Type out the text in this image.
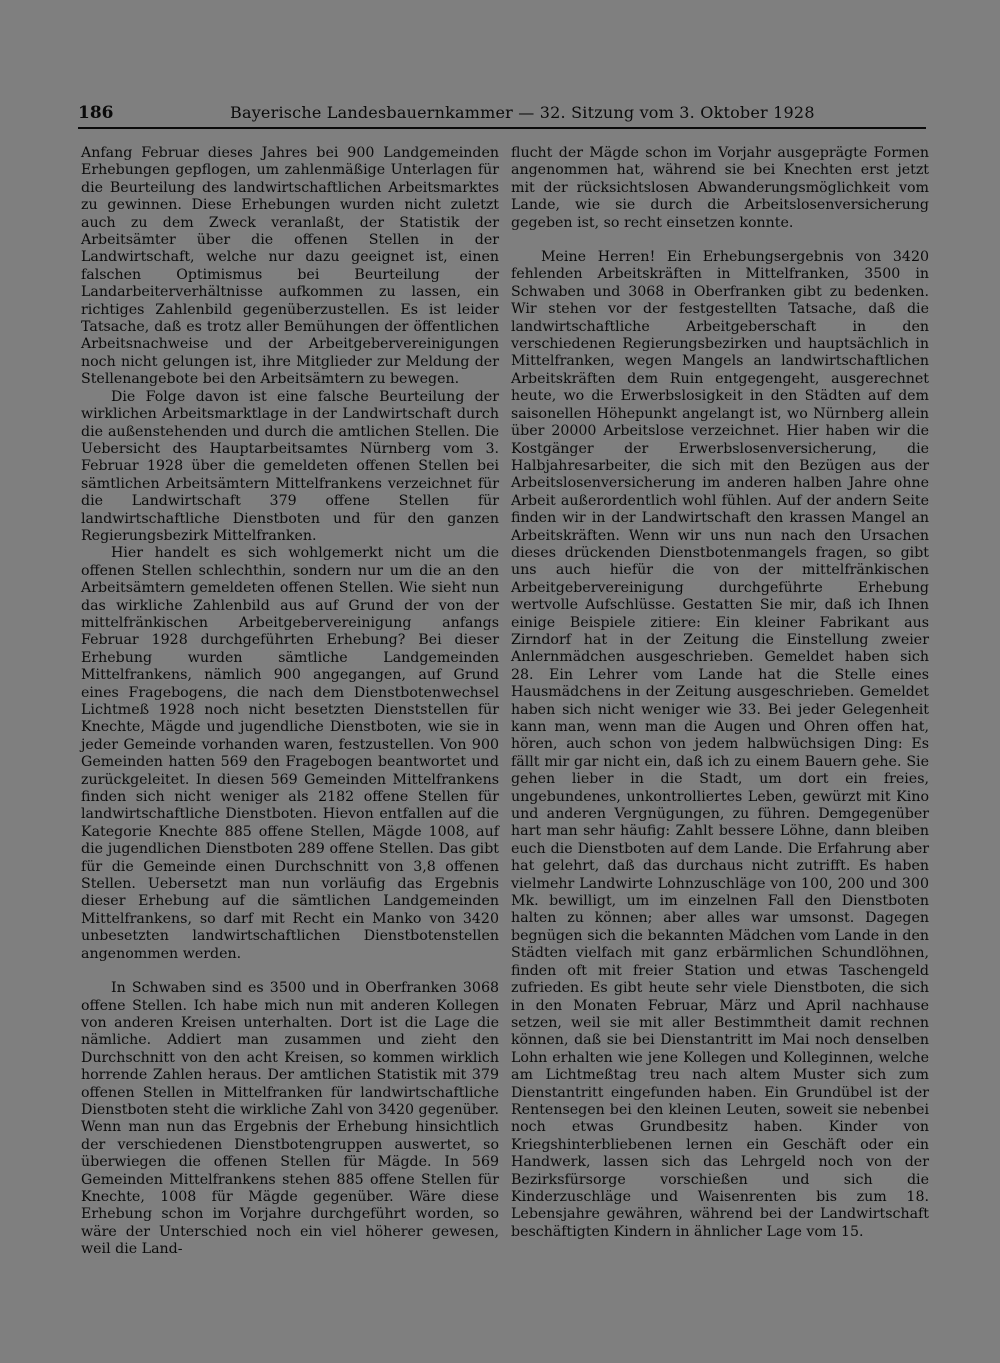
186	Bayerische Landesbauernkammer — 32. Sitzung vom 3. Oktober 1928

Anfang Februar dieses Jahres bei 900 Landgemeinden Erhebungen gepflogen, um zahlenmäßige Unterlagen für die Beurteilung des landwirtschaftlichen Arbeitsmarktes zu gewinnen. Diese Erhebungen wurden nicht zuletzt auch zu dem Zweck veranlaßt, der Statistik der Arbeitsämter über die offenen Stellen in der Landwirtschaft, welche nur dazu geeignet ist, einen falschen Optimismus bei Beurteilung der Landarbeiterverhältnisse aufkommen zu lassen, ein richtiges Zahlenbild gegenüberzustellen. Es ist leider Tatsache, daß es trotz aller Bemühungen der öffentlichen Arbeitsnachweise und der Arbeitgebervereinigungen noch nicht gelungen ist, ihre Mitglieder zur Meldung der Stellenangebote bei den Arbeitsämtern zu bewegen.

Die Folge davon ist eine falsche Beurteilung der wirklichen Arbeitsmarktlage in der Landwirtschaft durch die außenstehenden und durch die amtlichen Stellen. Die Uebersicht des Hauptarbeitsamtes Nürnberg vom 3. Februar 1928 über die gemeldeten offenen Stellen bei sämtlichen Arbeitsämtern Mittelfrankens verzeichnet für die Landwirtschaft 379 offene Stellen für landwirtschaftliche Dienstboten und für den ganzen Regierungsbezirk Mittelfranken.

Hier handelt es sich wohlgemerkt nicht um die offenen Stellen schlechthin, sondern nur um die an den Arbeitsämtern gemeldeten offenen Stellen. Wie sieht nun das wirkliche Zahlenbild aus auf Grund der von der mittelfränkischen Arbeitgebervereinigung anfangs Februar 1928 durchgeführten Erhebung? Bei dieser Erhebung wurden sämtliche Landgemeinden Mittelfrankens, nämlich 900 angegangen, auf Grund eines Fragebogens, die nach dem Dienstbotenwechsel Lichtmeß 1928 noch nicht besetzten Dienststellen für Knechte, Mägde und jugendliche Dienstboten, wie sie in jeder Gemeinde vorhanden waren, festzustellen. Von 900 Gemeinden hatten 569 den Fragebogen beantwortet und zurückgeleitet. In diesen 569 Gemeinden Mittelfrankens finden sich nicht weniger als 2182 offene Stellen für landwirtschaftliche Dienstboten. Hievon entfallen auf die Kategorie Knechte 885 offene Stellen, Mägde 1008, auf die jugendlichen Dienstboten 289 offene Stellen. Das gibt für die Gemeinde einen Durchschnitt von 3,8 offenen Stellen. Uebersetzt man nun vorläufig das Ergebnis dieser Erhebung auf die sämtlichen Landgemeinden Mittelfrankens, so darf mit Recht ein Manko von 3420 unbesetzten landwirtschaftlichen Dienstbotenstellen angenommen werden.

In Schwaben sind es 3500 und in Oberfranken 3068 offene Stellen. Ich habe mich nun mit anderen Kollegen von anderen Kreisen unterhalten. Dort ist die Lage die nämliche. Addiert man zusammen und zieht den Durchschnitt von den acht Kreisen, so kommen wirklich horrende Zahlen heraus. Der amtlichen Statistik mit 379 offenen Stellen in Mittelfranken für landwirtschaftliche Dienstboten steht die wirkliche Zahl von 3420 gegenüber. Wenn man nun das Ergebnis der Erhebung hinsichtlich der verschiedenen Dienstbotengruppen auswertet, so überwiegen die offenen Stellen für Mägde. In 569 Gemeinden Mittelfrankens stehen 885 offene Stellen für Knechte, 1008 für Mägde gegenüber. Wäre diese Erhebung schon im Vorjahre durchgeführt worden, so wäre der Unterschied noch ein viel höherer gewesen, weil die Land-

flucht der Mägde schon im Vorjahr ausgeprägte Formen angenommen hat, während sie bei Knechten erst jetzt mit der rücksichtslosen Abwanderungsmöglichkeit vom Lande, wie sie durch die Arbeitslosenversicherung gegeben ist, so recht einsetzen konnte.

Meine Herren! Ein Erhebungsergebnis von 3420 fehlenden Arbeitskräften in Mittelfranken, 3500 in Schwaben und 3068 in Oberfranken gibt zu bedenken. Wir stehen vor der festgestellten Tatsache, daß die landwirtschaftliche Arbeitgeberschaft in den verschiedenen Regierungsbezirken und hauptsächlich in Mittelfranken, wegen Mangels an landwirtschaftlichen Arbeitskräften dem Ruin entgegengeht, ausgerechnet heute, wo die Erwerbslosigkeit in den Städten auf dem saisonellen Höhepunkt angelangt ist, wo Nürnberg allein über 20000 Arbeitslose verzeichnet. Hier haben wir die Kostgänger der Erwerbslosenversicherung, die Halbjahresarbeiter, die sich mit den Bezügen aus der Arbeitslosenversicherung im anderen halben Jahre ohne Arbeit außerordentlich wohl fühlen. Auf der andern Seite finden wir in der Landwirtschaft den krassen Mangel an Arbeitskräften. Wenn wir uns nun nach den Ursachen dieses drückenden Dienstbotenmangels fragen, so gibt uns auch hiefür die von der mittelfränkischen Arbeitgebervereinigung durchgeführte Erhebung wertvolle Aufschlüsse. Gestatten Sie mir, daß ich Ihnen einige Beispiele zitiere: Ein kleiner Fabrikant aus Zirndorf hat in der Zeitung die Einstellung zweier Anlernmädchen ausgeschrieben. Gemeldet haben sich 28. Ein Lehrer vom Lande hat die Stelle eines Hausmädchens in der Zeitung ausgeschrieben. Gemeldet haben sich nicht weniger wie 33. Bei jeder Gelegenheit kann man, wenn man die Augen und Ohren offen hat, hören, auch schon von jedem halbwüchsigen Ding: Es fällt mir gar nicht ein, daß ich zu einem Bauern gehe. Sie gehen lieber in die Stadt, um dort ein freies, ungebundenes, unkontrolliertes Leben, gewürzt mit Kino und anderen Vergnügungen, zu führen. Demgegenüber hart man sehr häufig: Zahlt bessere Löhne, dann bleiben euch die Dienstboten auf dem Lande. Die Erfahrung aber hat gelehrt, daß das durchaus nicht zutrifft. Es haben vielmehr Landwirte Lohnzuschläge von 100, 200 und 300 Mk. bewilligt, um im einzelnen Fall den Dienstboten halten zu können; aber alles war umsonst. Dagegen begnügen sich die bekannten Mädchen vom Lande in den Städten vielfach mit ganz erbärmlichen Schundlöhnen, finden oft mit freier Station und etwas Taschengeld zufrieden. Es gibt heute sehr viele Dienstboten, die sich in den Monaten Februar, März und April nachhause setzen, weil sie mit aller Bestimmtheit damit rechnen können, daß sie bei Dienstantritt im Mai noch denselben Lohn erhalten wie jene Kollegen und Kolleginnen, welche am Lichtmeßtag treu nach altem Muster sich zum Dienstantritt eingefunden haben. Ein Grundübel ist der Rentensegen bei den kleinen Leuten, soweit sie nebenbei noch etwas Grundbesitz haben. Kinder von Kriegshinterbliebenen lernen ein Geschäft oder ein Handwerk, lassen sich das Lehrgeld noch von der Bezirksfürsorge vorschießen und sich die Kinderzuschläge und Waisenrenten bis zum 18. Lebensjahre gewähren, während bei der Landwirtschaft beschäftigten Kindern in ähnlicher Lage vom 15.
